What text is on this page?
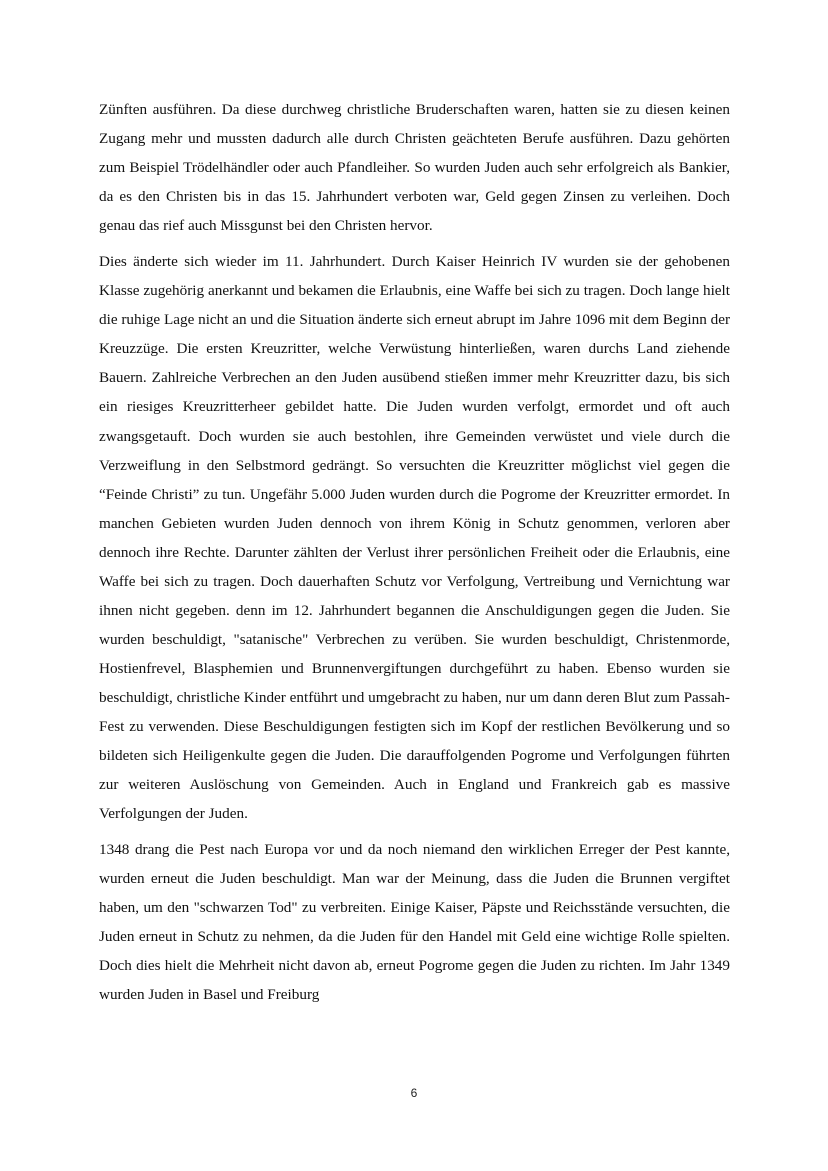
Zünften ausführen. Da diese durchweg christliche Bruderschaften waren, hatten sie zu diesen keinen Zugang mehr und mussten dadurch alle durch Christen geächteten Berufe ausführen. Dazu gehörten zum Beispiel Trödelhändler oder auch Pfandleiher. So wurden Juden auch sehr erfolgreich als Bankier, da es den Christen bis in das 15. Jahrhundert verboten war, Geld gegen Zinsen zu verleihen. Doch genau das rief auch Missgunst bei den Christen hervor.

Dies änderte sich wieder im 11. Jahrhundert. Durch Kaiser Heinrich IV wurden sie der gehobenen Klasse zugehörig anerkannt und bekamen die Erlaubnis, eine Waffe bei sich zu tragen. Doch lange hielt die ruhige Lage nicht an und die Situation änderte sich erneut abrupt im Jahre 1096 mit dem Beginn der Kreuzzüge. Die ersten Kreuzritter, welche Verwüstung hinterließen, waren durchs Land ziehende Bauern. Zahlreiche Verbrechen an den Juden ausübend stießen immer mehr Kreuzritter dazu, bis sich ein riesiges Kreuzritterheer gebildet hatte. Die Juden wurden verfolgt, ermordet und oft auch zwangsgetauft. Doch wurden sie auch bestohlen, ihre Gemeinden verwüstet und viele durch die Verzweiflung in den Selbstmord gedrängt. So versuchten die Kreuzritter möglichst viel gegen die “Feinde Christi” zu tun. Ungefähr 5.000 Juden wurden durch die Pogrome der Kreuzritter ermordet. In manchen Gebieten wurden Juden dennoch von ihrem König in Schutz genommen, verloren aber dennoch ihre Rechte. Darunter zählten der Verlust ihrer persönlichen Freiheit oder die Erlaubnis, eine Waffe bei sich zu tragen. Doch dauerhaften Schutz vor Verfolgung, Vertreibung und Vernichtung war ihnen nicht gegeben. denn im 12. Jahrhundert begannen die Anschuldigungen gegen die Juden. Sie wurden beschuldigt, "satanische" Verbrechen zu verüben. Sie wurden beschuldigt, Christenmorde, Hostienfrevel, Blasphemien und Brunnenvergiftungen durchgeführt zu haben. Ebenso wurden sie beschuldigt, christliche Kinder entführt und umgebracht zu haben, nur um dann deren Blut zum Passah-Fest zu verwenden. Diese Beschuldigungen festigten sich im Kopf der restlichen Bevölkerung und so bildeten sich Heiligenkulte gegen die Juden. Die darauffolgenden Pogrome und Verfolgungen führten zur weiteren Auslöschung von Gemeinden. Auch in England und Frankreich gab es massive Verfolgungen der Juden.

1348 drang die Pest nach Europa vor und da noch niemand den wirklichen Erreger der Pest kannte, wurden erneut die Juden beschuldigt. Man war der Meinung, dass die Juden die Brunnen vergiftet haben, um den "schwarzen Tod" zu verbreiten. Einige Kaiser, Päpste und Reichsstände versuchten, die Juden erneut in Schutz zu nehmen, da die Juden für den Handel mit Geld eine wichtige Rolle spielten. Doch dies hielt die Mehrheit nicht davon ab, erneut Pogrome gegen die Juden zu richten. Im Jahr 1349 wurden Juden in Basel und Freiburg

6
